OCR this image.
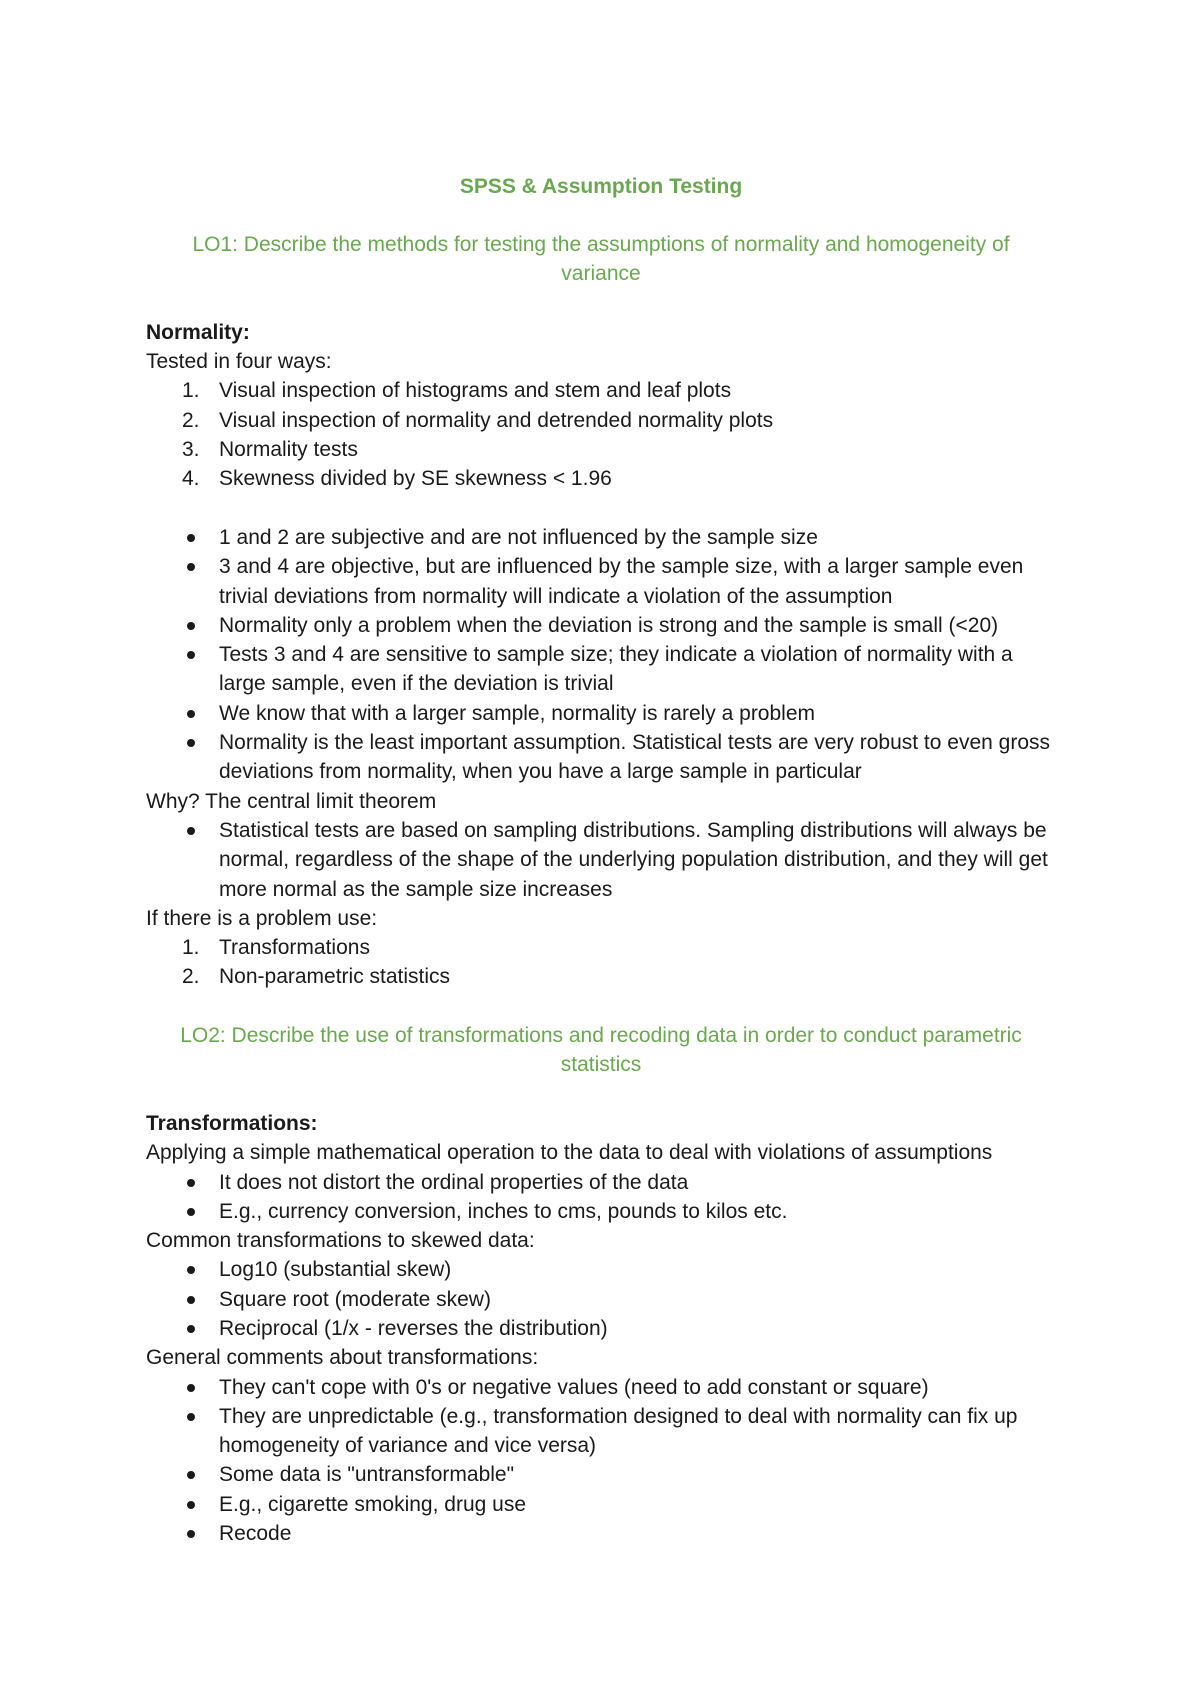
SPSS & Assumption Testing
LO1: Describe the methods for testing the assumptions of normality and homogeneity of variance
Normality:
Tested in four ways:
1. Visual inspection of histograms and stem and leaf plots
2. Visual inspection of normality and detrended normality plots
3. Normality tests
4. Skewness divided by SE skewness < 1.96
1 and 2 are subjective and are not influenced by the sample size
3 and 4 are objective, but are influenced by the sample size, with a larger sample even trivial deviations from normality will indicate a violation of the assumption
Normality only a problem when the deviation is strong and the sample is small (<20)
Tests 3 and 4 are sensitive to sample size; they indicate a violation of normality with a large sample, even if the deviation is trivial
We know that with a larger sample, normality is rarely a problem
Normality is the least important assumption. Statistical tests are very robust to even gross deviations from normality, when you have a large sample in particular
Why? The central limit theorem
Statistical tests are based on sampling distributions. Sampling distributions will always be normal, regardless of the shape of the underlying population distribution, and they will get more normal as the sample size increases
If there is a problem use:
1. Transformations
2. Non-parametric statistics
LO2: Describe the use of transformations and recoding data in order to conduct parametric statistics
Transformations:
Applying a simple mathematical operation to the data to deal with violations of assumptions
It does not distort the ordinal properties of the data
E.g., currency conversion, inches to cms, pounds to kilos etc.
Common transformations to skewed data:
Log10 (substantial skew)
Square root (moderate skew)
Reciprocal (1/x - reverses the distribution)
General comments about transformations:
They can't cope with 0's or negative values (need to add constant or square)
They are unpredictable (e.g., transformation designed to deal with normality can fix up homogeneity of variance and vice versa)
Some data is "untransformable"
E.g., cigarette smoking, drug use
Recode
